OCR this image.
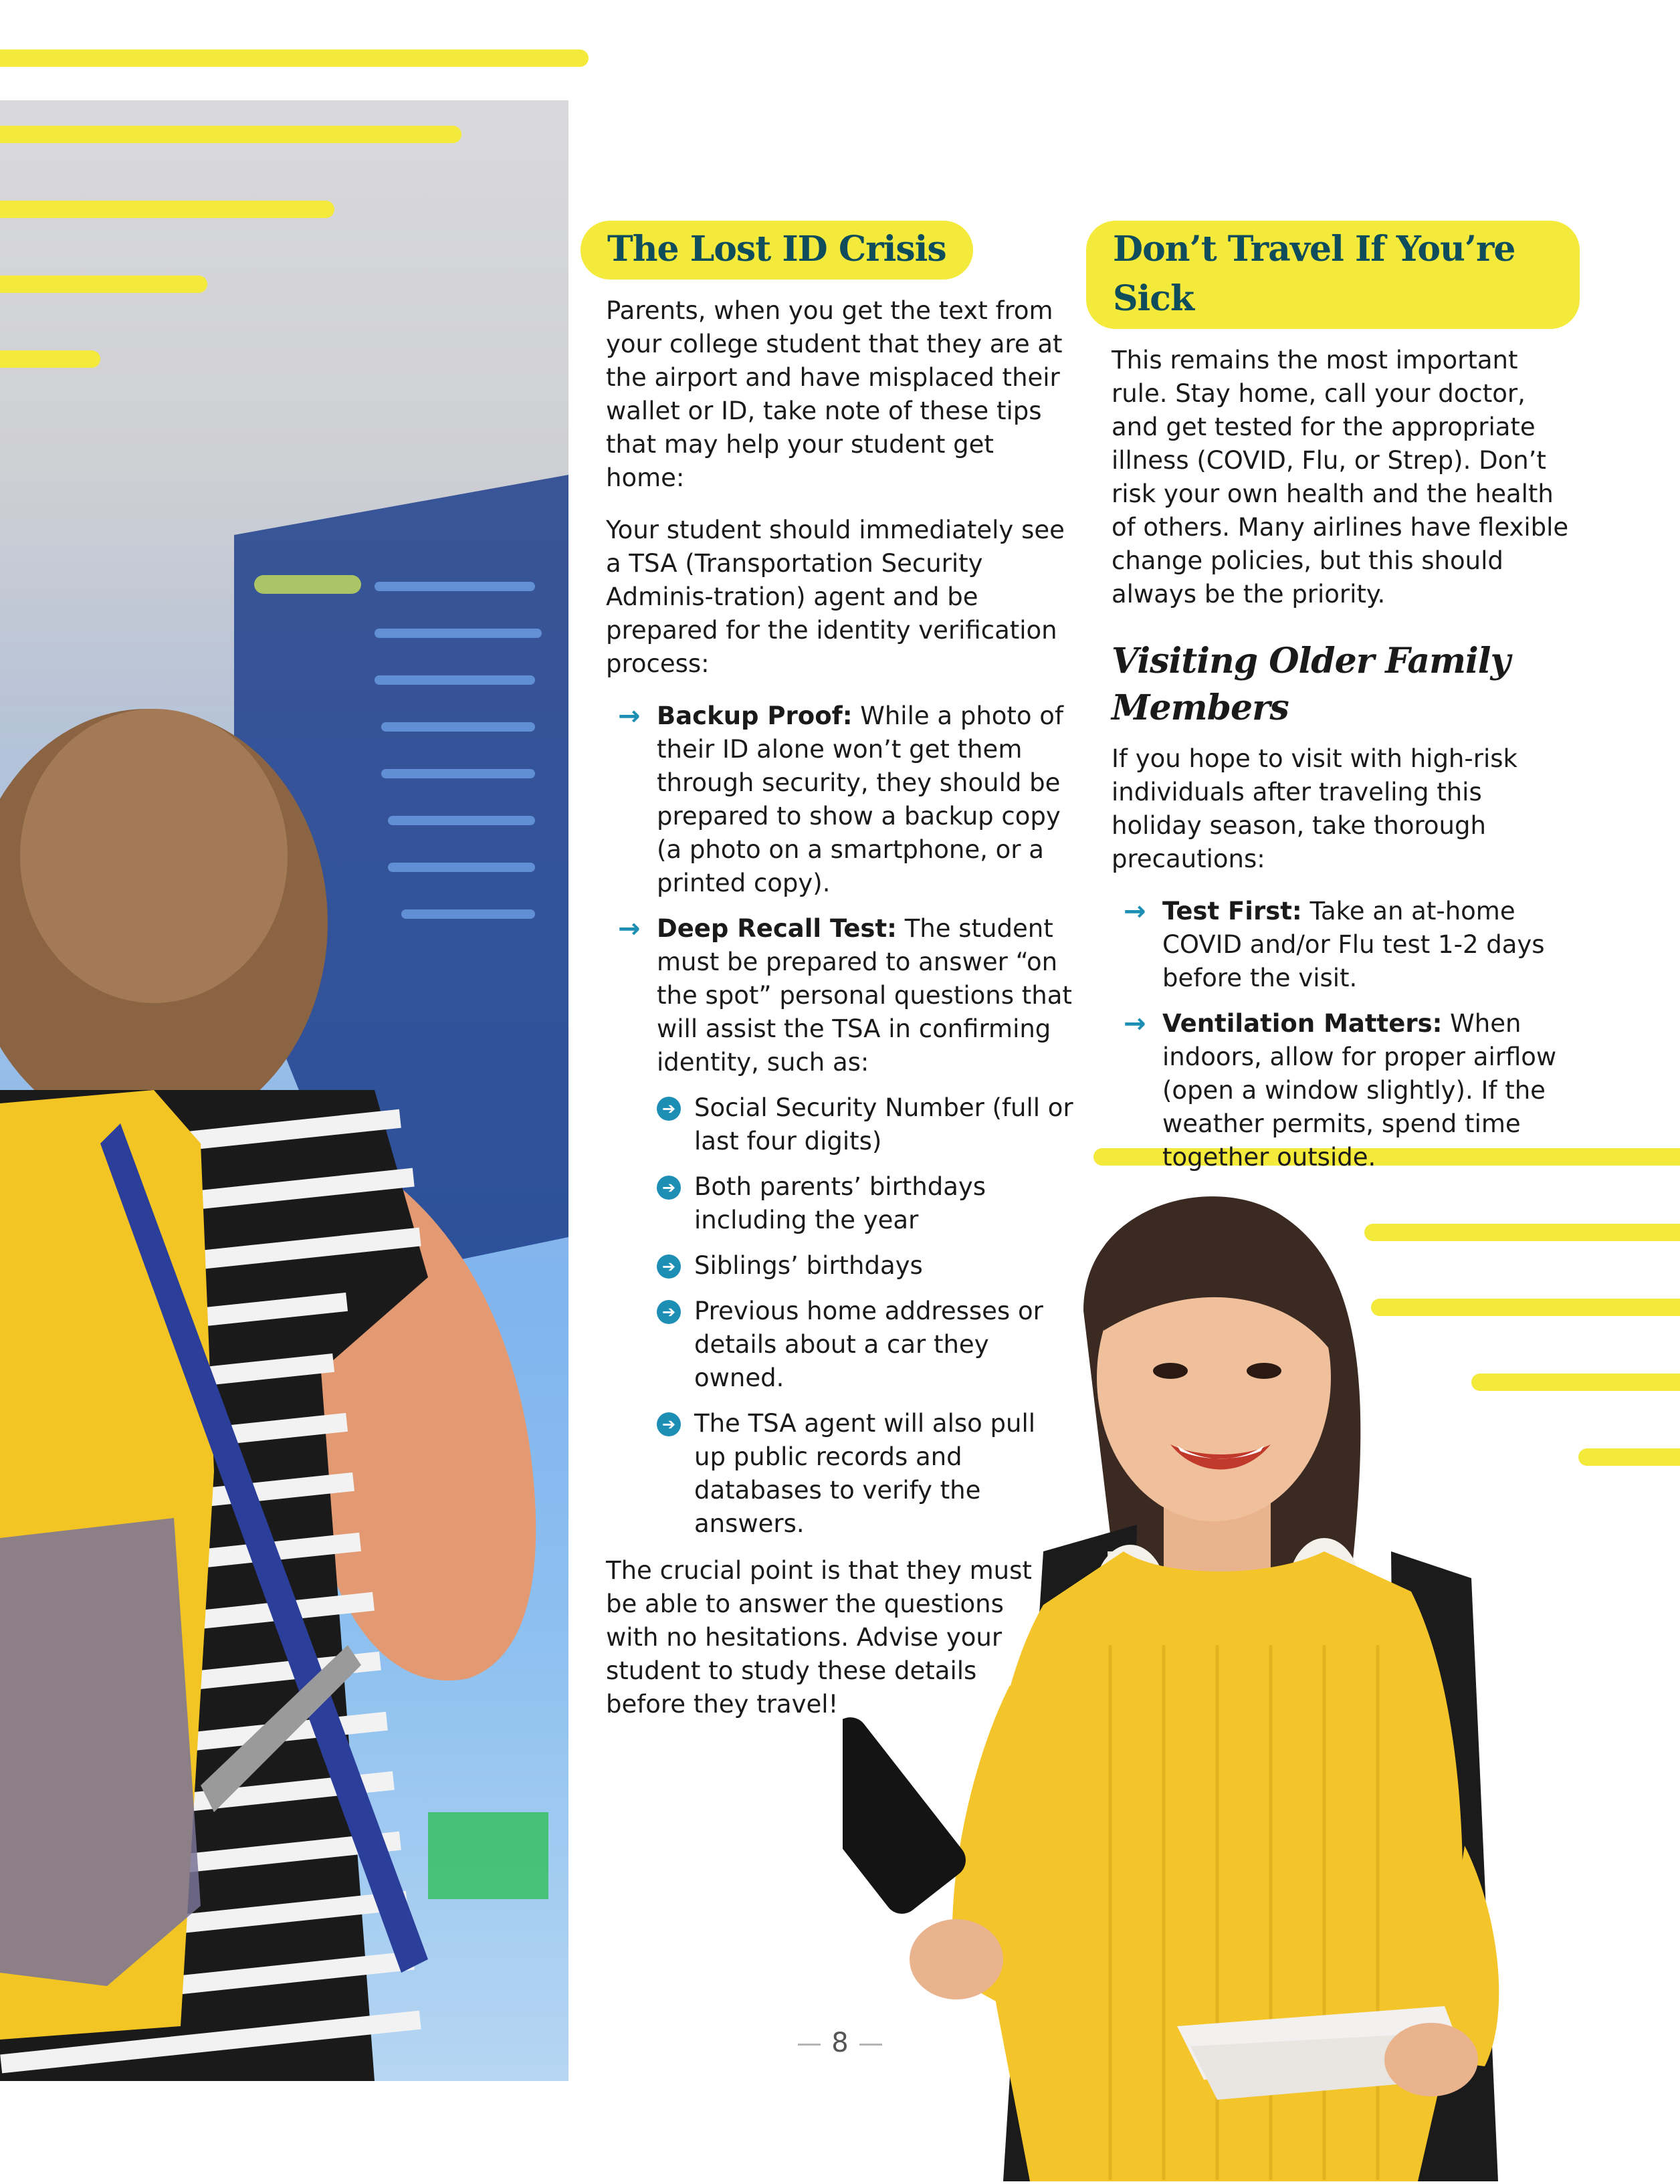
The Lost ID Crisis

Parents, when you get the text from your college student that they are at the airport and have misplaced their wallet or ID, take note of these tips that may help your student get home:

Your student should immediately see a TSA (Transportation Security Adminis-tration) agent and be prepared for the identity verification process:

→ Backup Proof: While a photo of their ID alone won’t get them through security, they should be prepared to show a backup copy (a photo on a smartphone, or a printed copy).
→ Deep Recall Test: The student must be prepared to answer “on the spot” personal questions that will assist the TSA in confirming identity, such as:
➔ Social Security Number (full or last four digits)
➔ Both parents’ birthdays including the year
➔ Siblings’ birthdays
➔ Previous home addresses or details about a car they owned.
➔ The TSA agent will also pull up public records and databases to verify the answers.

The crucial point is that they must be able to answer the questions with no hesitations. Advise your student to study these details before they travel!

Don’t Travel If You’re Sick

This remains the most important rule. Stay home, call your doctor, and get tested for the appropriate illness (COVID, Flu, or Strep). Don’t risk your own health and the health of others. Many airlines have flexible change policies, but this should always be the priority.

Visiting Older Family Members

If you hope to visit with high-risk individuals after traveling this holiday season, take thorough precautions:

→ Test First: Take an at-home COVID and/or Flu test 1-2 days before the visit.
→ Ventilation Matters: When indoors, allow for proper airflow (open a window slightly). If the weather permits, spend time together outside.
8
